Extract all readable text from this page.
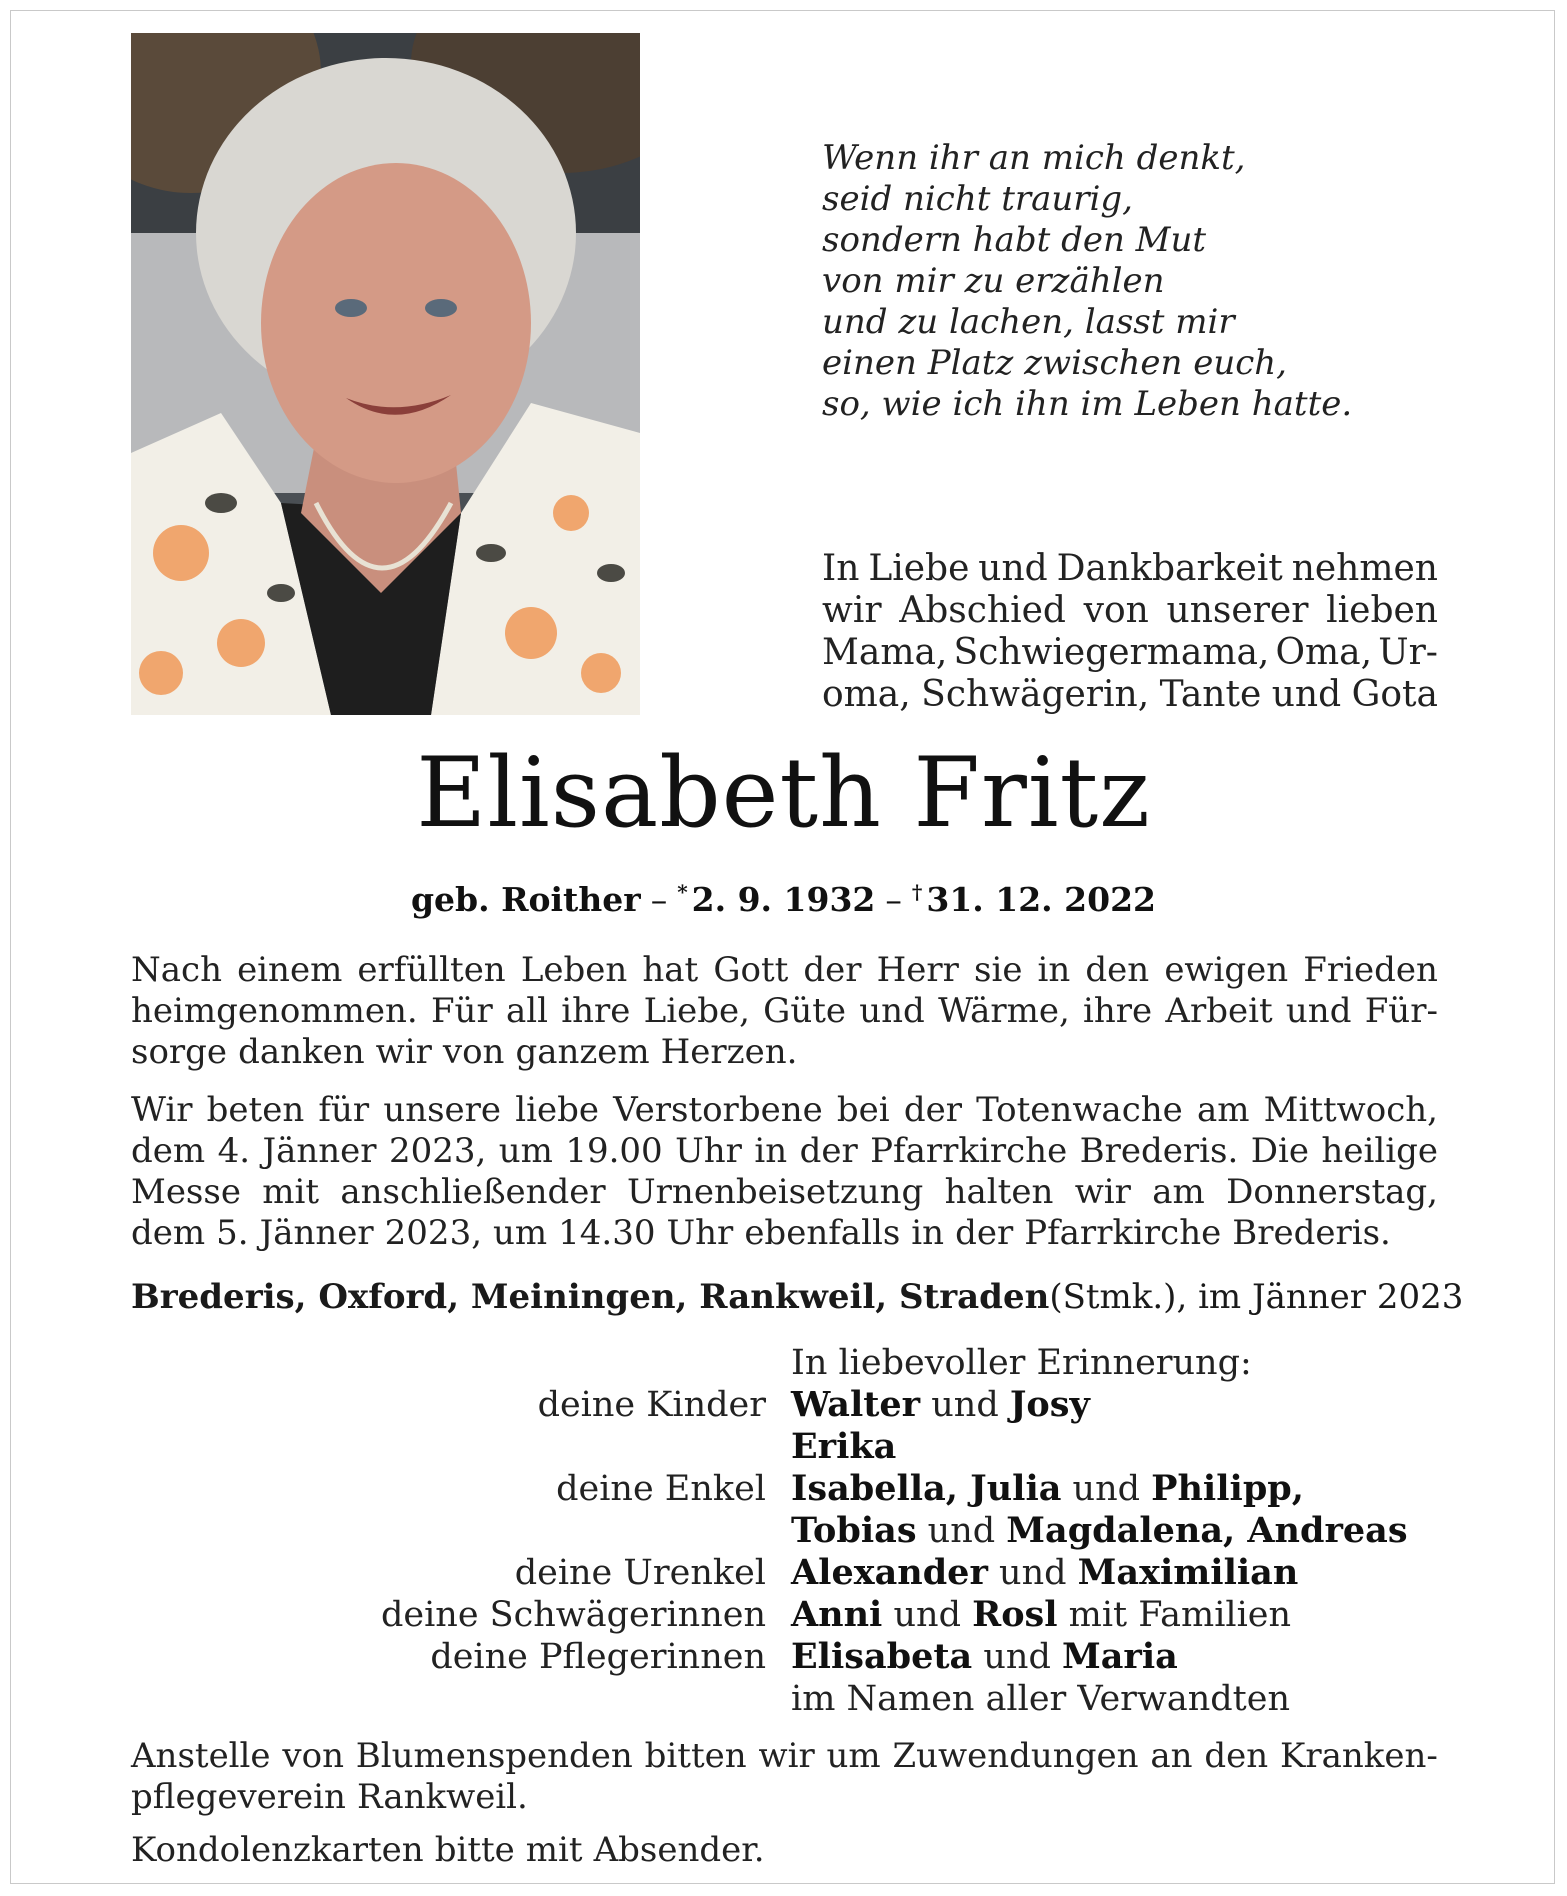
Wenn ihr an mich denkt,
seid nicht traurig,
sondern habt den Mut
von mir zu erzählen
und zu lachen, lasst mir
einen Platz zwischen euch,
so, wie ich ihn im Leben hatte.
In Liebe und Dankbarkeit nehmen
wir Abschied von unserer lieben
Mama, Schwiegermama, Oma, Ur-
oma, Schwägerin, Tante und Gota
Elisabeth Fritz
geb. Roither – * 2. 9. 1932 – † 31. 12. 2022
Nach einem erfüllten Leben hat Gott der Herr sie in den ewigen Frieden
heimgenommen. Für all ihre Liebe, Güte und Wärme, ihre Arbeit und Für-
sorge danken wir von ganzem Herzen.
Wir beten für unsere liebe Verstorbene bei der Totenwache am Mittwoch,
dem 4. Jänner 2023, um 19.00 Uhr in der Pfarrkirche Brederis. Die heilige
Messe mit anschließender Urnenbeisetzung halten wir am Donnerstag,
dem 5. Jänner 2023, um 14.30 Uhr ebenfalls in der Pfarrkirche Brederis.
Brederis, Oxford, Meiningen, Rankweil, Straden (Stmk.), im Jänner 2023
In liebevoller Erinnerung:
deine Kinder Walter und Josy
Erika
deine Enkel Isabella, Julia und Philipp,
Tobias und Magdalena, Andreas
deine Urenkel Alexander und Maximilian
deine Schwägerinnen Anni und Rosl mit Familien
deine Pflegerinnen Elisabeta und Maria
im Namen aller Verwandten
Anstelle von Blumenspenden bitten wir um Zuwendungen an den Kranken-
pflegeverein Rankweil.
Kondolenzkarten bitte mit Absender.
